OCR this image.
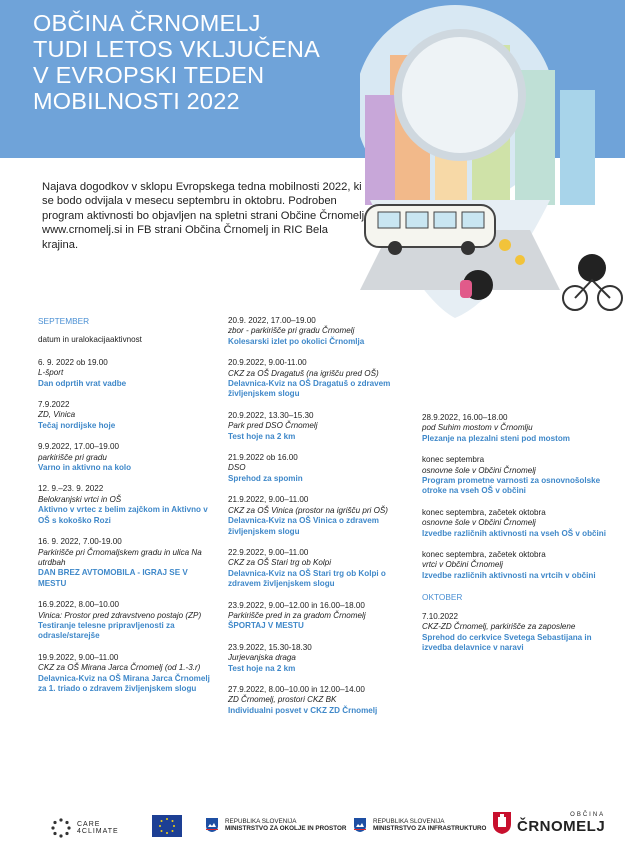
OBČINA ČRNOMELJ
TUDI LETOS VKLJUČENA
V EVROPSKI TEDEN
MOBILNOSTI 2022

Najava dogodkov v sklopu Evropskega tedna mobilnosti 2022, ki se bodo odvijala v mesecu septembru in oktobru. Podroben program aktivnosti bo objavljen na spletni strani Občine Črnomelj www.crnomelj.si in FB strani Občina Črnomelj in RIC Bela krajina.

SEPTEMBER
datum in uralokacijaaktivnost
6. 9. 2022 ob 19.00
L-šport
Dan odprtih vrat vadbe
7.9.2022
ZD, Vinica
Tečaj nordijske hoje
9.9.2022, 17.00–19.00
parkirišče pri gradu
Varno in aktivno na kolo
12. 9.–23. 9. 2022
Belokranjski vrtci in OŠ
Aktivno v vrtec z belim zajčkom in Aktivno v OŠ s kokoško Rozi
16. 9. 2022, 7.00-19.00
Parkirišče pri Črnomaljskem gradu in ulica Na utrdbah
DAN BREZ AVTOMOBILA - IGRAJ SE V MESTU
16.9.2022, 8.00–10.00
Vinica: Prostor pred zdravstveno postajo (ZP)
Testiranje telesne pripravljenosti za odrasle/starejše
19.9.2022, 9.00–11.00
CKZ za OŠ Mirana Jarca Črnomelj (od 1.-3.r)
Delavnica-Kviz na OŠ Mirana Jarca Črnomelj za 1. triado o zdravem življenjskem slogu
20.9. 2022, 17.00–19.00
zbor - parkirišče pri gradu Črnomelj
Kolesarski izlet po okolici Črnomlja
20.9.2022, 9.00-11.00
CKZ za OŠ Dragatuš (na igrišču pred OŠ)
Delavnica-Kviz na OŠ Dragatuš o zdravem življenjskem slogu
20.9.2022, 13.30–15.30
Park pred DSO Črnomelj
Test hoje na 2 km
21.9.2022 ob 16.00
DSO
Sprehod za spomin
21.9.2022, 9.00–11.00
CKZ za OŠ Vinica (prostor na igrišču pri OŠ)
Delavnica-Kviz na OŠ Vinica o zdravem življenjskem slogu
22.9.2022, 9.00–11.00
CKZ za OŠ Stari trg ob Kolpi
Delavnica-Kviz na OŠ Stari trg ob Kolpi o zdravem življenjskem slogu
23.9.2022, 9.00–12.00 in 16.00–18.00
Parkirišče pred in za gradom Črnomelj
ŠPORTAJ V MESTU
23.9.2022, 15.30-18.30
Jurjevanjska draga
Test hoje na 2 km
27.9.2022, 8.00–10.00 in 12.00–14.00
ZD Črnomelj, prostori CKZ BK
Individualni posvet v CKZ ZD Črnomelj
28.9.2022, 16.00–18.00
pod Suhim mostom v Črnomlju
Plezanje na plezalni steni pod mostom
konec septembra
osnovne šole v Občini Črnomelj
Program prometne varnosti za osnovnošolske otroke na vseh OŠ v občini
konec septembra, začetek oktobra
osnovne šole v Občini Črnomelj
Izvedbe različnih aktivnosti na vseh OŠ v občini
konec septembra, začetek oktobra
vrtci v Občini Črnomelj
Izvedbe različnih aktivnosti na vrtcih v občini
OKTOBER
7.10.2022
CKZ-ZD Črnomelj, parkirišče za zaposlene
Sprehod do cerkvice Svetega Sebastijana in izvedba delavnice v naravi
CARE
4CLIMATE
REPUBLIKA SLOVENIJA
MINISTRSTVO ZA OKOLJE IN PROSTOR
REPUBLIKA SLOVENIJA
MINISTRSTVO ZA INFRASTRUKTURO
OBČINA
ČRNOMELJ
